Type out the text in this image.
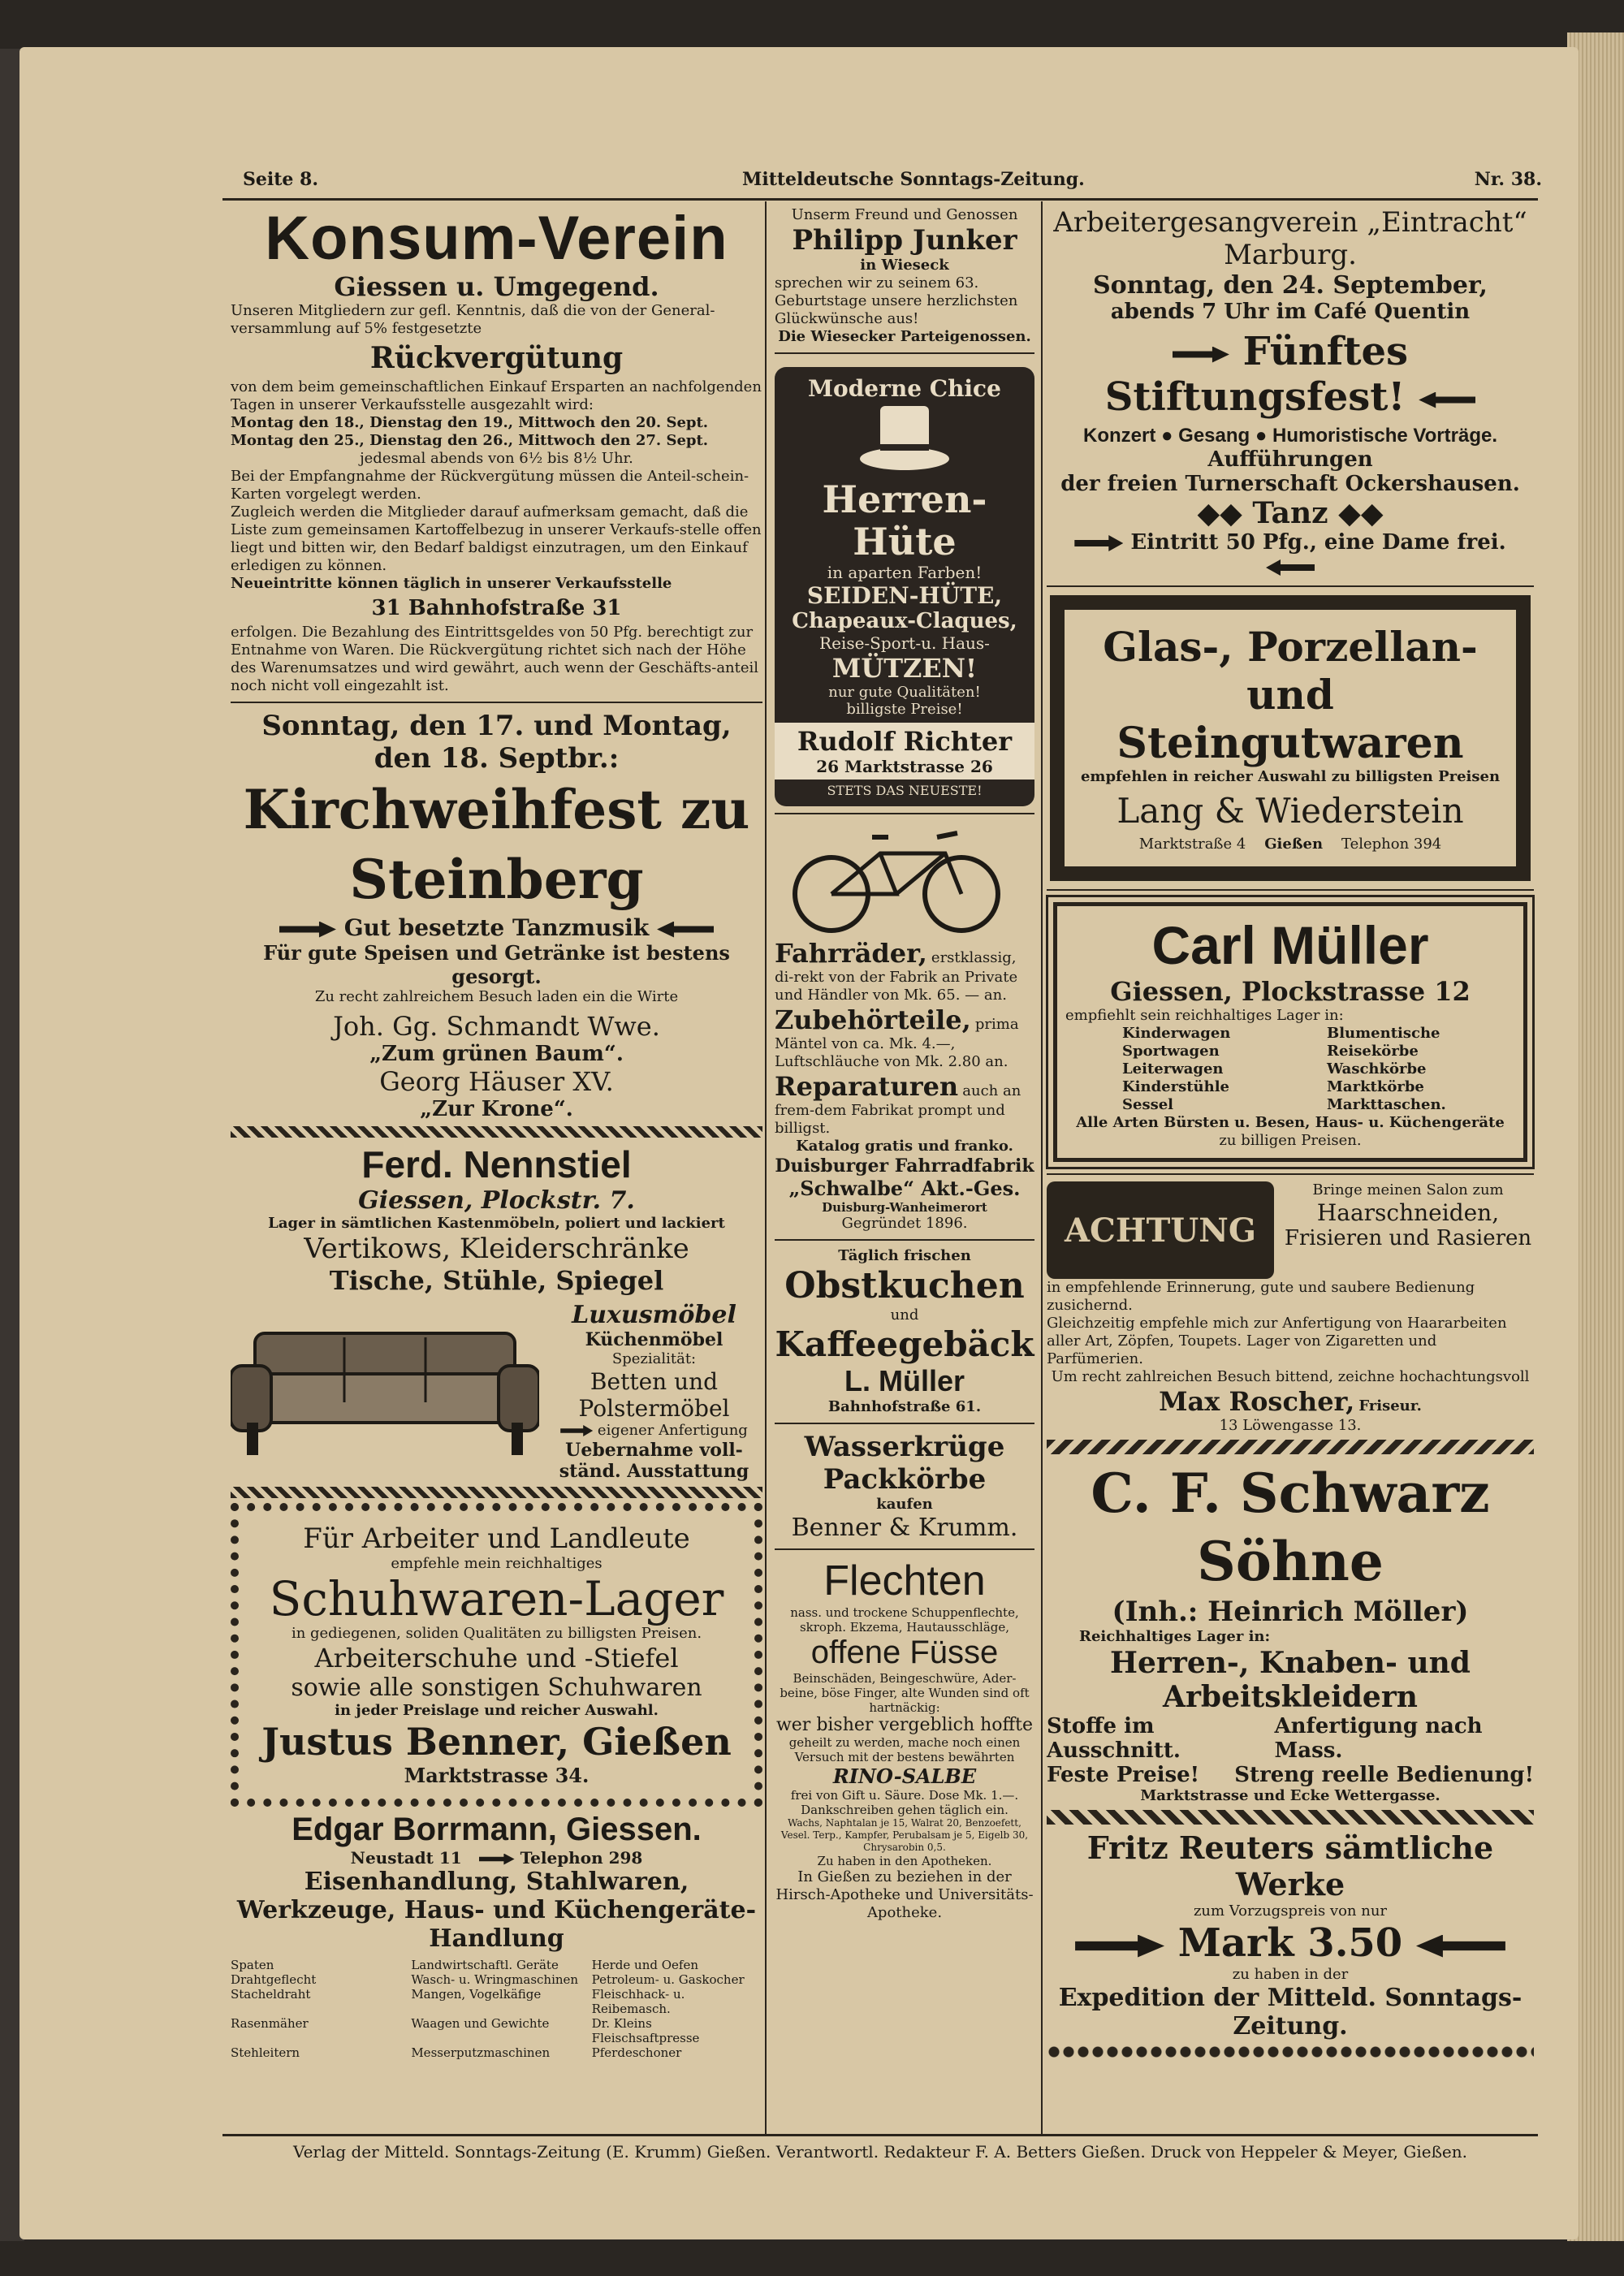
Seite 8.	Mitteldeutsche Sonntags-Zeitung.	Nr. 38.
Konsum-Verein
Giessen u. Umgegend.
Unseren Mitgliedern zur gefl. Kenntnis, daß die von der General-versammlung auf 5% festgesetzte
Rückvergütung
von dem beim gemeinschaftlichen Einkauf Ersparten an nachfolgenden Tagen in unserer Verkaufsstelle ausgezahlt wird:
Montag den 18., Dienstag den 19., Mittwoch den 20. Sept.
Montag den 25., Dienstag den 26., Mittwoch den 27. Sept.
jedesmal abends von 6½ bis 8½ Uhr.
Bei der Empfangnahme der Rückvergütung müssen die Anteil-schein-Karten vorgelegt werden.
Zugleich werden die Mitglieder darauf aufmerksam gemacht, daß die Liste zum gemeinsamen Kartoffelbezug in unserer Verkaufs-stelle offen liegt und bitten wir, den Bedarf baldigst einzutragen, um den Einkauf erledigen zu können.
Neueintritte können täglich in unserer Verkaufsstelle
31 Bahnhofstraße 31
erfolgen. Die Bezahlung des Eintrittsgeldes von 50 Pfg. berechtigt zur Entnahme von Waren. Die Rückvergütung richtet sich nach der Höhe des Warenumsatzes und wird gewährt, auch wenn der Geschäfts-anteil noch nicht voll eingezahlt ist.
Sonntag, den 17. und Montag, den 18. Septbr.:
Kirchweihfest zu Steinberg
Gut besetzte Tanzmusik
Für gute Speisen und Getränke ist bestens gesorgt.
Zu recht zahlreichem Besuch laden ein die Wirte
Joh. Gg. Schmandt Wwe.
„Zum grünen Baum“.
Georg Häuser XV.
„Zur Krone“.
Ferd. Nennstiel
Giessen, Plockstr. 7.
Lager in sämtlichen Kastenmöbeln, poliert und lackiert
Vertikows, Kleiderschränke
Tische, Stühle, Spiegel
Luxusmöbel
Küchenmöbel
Spezialität:
Betten und Polstermöbel
eigener Anfertigung
Uebernahme voll-ständ. Ausstattung
Für Arbeiter und Landleute
empfehle mein reichhaltiges
Schuhwaren-Lager
in gediegenen, soliden Qualitäten zu billigsten Preisen.
Arbeiterschuhe und -Stiefel
sowie alle sonstigen Schuhwaren
in jeder Preislage und reicher Auswahl.
Justus Benner, Gießen
Marktstrasse 34.
Edgar Borrmann, Giessen.
Neustadt 11	Telephon 298
Eisenhandlung, Stahlwaren,
Werkzeuge, Haus- und Küchengeräte-Handlung
Spaten	Landwirtschaftl. Geräte	Herde und Oefen
Drahtgeflecht	Wasch- u. Wringmaschinen	Petroleum- u. Gaskocher
Stacheldraht	Mangen, Vogelkäfige	Fleischhack- u. Reibemasch.
Rasenmäher	Waagen und Gewichte	Dr. Kleins Fleischsaftpresse
Stehleitern	Messerputzmaschinen	Pferdeschoner
Unserm Freund und Genossen
Philipp Junker
in Wieseck
sprechen wir zu seinem 63. Geburtstage unsere herzlichsten Glückwünsche aus!
Die Wiesecker Parteigenossen.
Moderne Chice
Herren-Hüte
in aparten Farben!
SEIDEN-HÜTE,
Chapeaux-Claques,
Reise-Sport-u. Haus-
MÜTZEN!
nur gute Qualitäten!
billigste Preise!
Rudolf Richter
26 Marktstrasse 26
STETS DAS NEUESTE!
Fahrräder, erstklassig, di-rekt von der Fabrik an Private und Händler von Mk. 65. — an.
Zubehörteile, prima Mäntel von ca. Mk. 4.—, Luftschläuche von Mk. 2.80 an.
Reparaturen auch an frem-dem Fabrikat prompt und billigst.
Katalog gratis und franko.
Duisburger Fahrradfabrik
„Schwalbe“ Akt.-Ges.
Duisburg-Wanheimerort
Gegründet 1896.
Täglich frischen
Obstkuchen
und
Kaffeegebäck
L. Müller
Bahnhofstraße 61.
Wasserkrüge
Packkörbe
kaufen
Benner & Krumm.
Flechten
nass. und trockene Schuppenflechte, skroph. Ekzema, Hautausschläge,
offene Füsse
Beinschäden, Beingeschwüre, Ader-beine, böse Finger, alte Wunden sind oft hartnäckig:
wer bisher vergeblich hoffte
geheilt zu werden, mache noch einen Versuch mit der bestens bewährten
RINO-SALBE
frei von Gift u. Säure. Dose Mk. 1.—.
Dankschreiben gehen täglich ein.
Wachs, Naphtalan je 15, Walrat 20, Benzoefett, Vesel. Terp., Kampfer, Perubalsam je 5, Eigelb 30, Chrysarobin 0,5.
Zu haben in den Apotheken.
In Gießen zu beziehen in der Hirsch-Apotheke und Universitäts-Apotheke.
Arbeitergesangverein „Eintracht“
Marburg.
Sonntag, den 24. September,
abends 7 Uhr im Café Quentin
Fünftes Stiftungsfest!
Konzert ● Gesang ● Humoristische Vorträge.
Aufführungen
der freien Turnerschaft Ockershausen.
◆◆ Tanz ◆◆
Eintritt 50 Pfg., eine Dame frei.
Glas-, Porzellan- und
Steingutwaren
empfehlen in reicher Auswahl zu billigsten Preisen
Lang & Wiederstein
Marktstraße 4 Gießen Telephon 394
Carl Müller
Giessen, Plockstrasse 12
empfiehlt sein reichhaltiges Lager in:
Kinderwagen	Blumentische
Sportwagen	Reisekörbe
Leiterwagen	Waschkörbe
Kinderstühle	Marktkörbe
Sessel	Markttaschen.
Alle Arten Bürsten u. Besen, Haus- u. Küchengeräte
zu billigen Preisen.
ACHTUNG
Bringe meinen Salon zum
Haarschneiden,
Frisieren und Rasieren
in empfehlende Erinnerung, gute und saubere Bedienung zusichernd.
Gleichzeitig empfehle mich zur Anfertigung von Haararbeiten aller Art, Zöpfen, Toupets. Lager von Zigaretten und Parfümerien.
Um recht zahlreichen Besuch bittend, zeichne hochachtungsvoll
Max Roscher, Friseur.
13 Löwengasse 13.
C. F. Schwarz Söhne
(Inh.: Heinrich Möller)
Reichhaltiges Lager in:
Herren-, Knaben- und Arbeitskleidern
Stoffe im Ausschnitt.
Anfertigung nach Mass.
Feste Preise! Streng reelle Bedienung!
Marktstrasse und Ecke Wettergasse.
Fritz Reuters sämtliche Werke
zum Vorzugspreis von nur
Mark 3.50
zu haben in der
Expedition der Mitteld. Sonntags-Zeitung.
Verlag der Mitteld. Sonntags-Zeitung (E. Krumm) Gießen. Verantwortl. Redakteur F. A. Betters Gießen. Druck von Heppeler & Meyer, Gießen.
